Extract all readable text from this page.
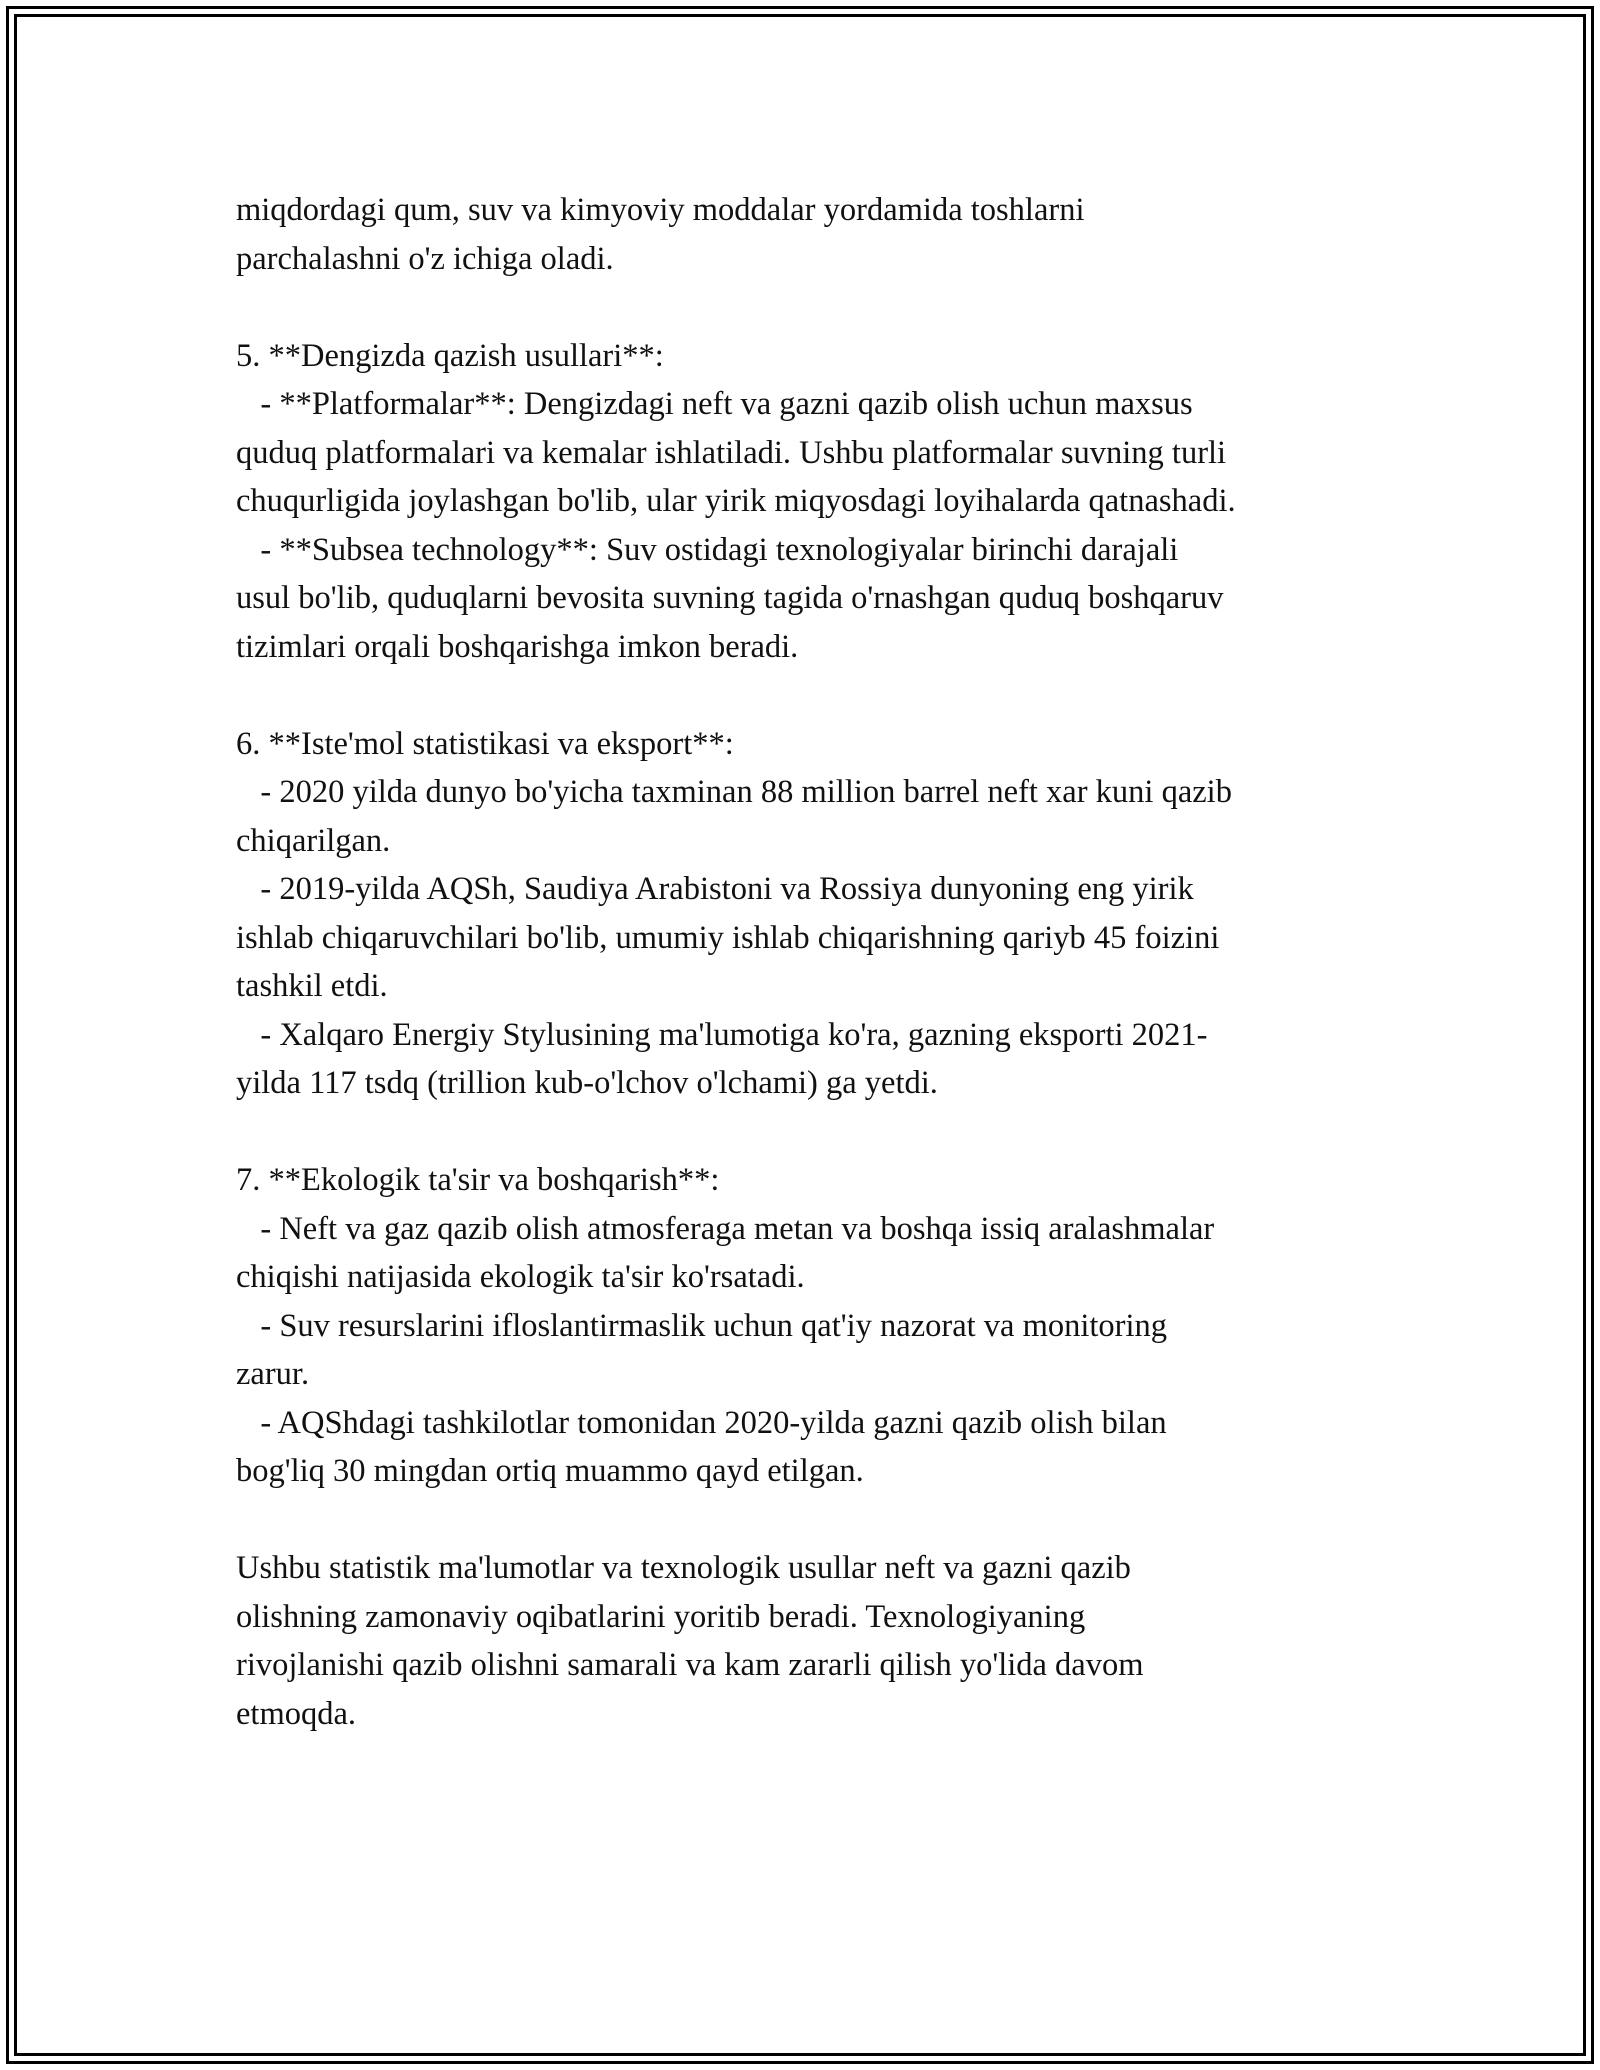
miqdordagi qum, suv va kimyoviy moddalar yordamida toshlarni

parchalashni o'z ichiga oladi.

5. **Dengizda qazish usullari**:

- **Platformalar**: Dengizdagi neft va gazni qazib olish uchun maxsus

quduq platformalari va kemalar ishlatiladi. Ushbu platformalar suvning turli

chuqurligida joylashgan bo'lib, ular yirik miqyosdagi loyihalarda qatnashadi.

- **Subsea technology**: Suv ostidagi texnologiyalar birinchi darajali

usul bo'lib, quduqlarni bevosita suvning tagida o'rnashgan quduq boshqaruv

tizimlari orqali boshqarishga imkon beradi.

6. **Iste'mol statistikasi va eksport**:

- 2020 yilda dunyo bo'yicha taxminan 88 million barrel neft xar kuni qazib

chiqarilgan.

- 2019-yilda AQSh, Saudiya Arabistoni va Rossiya dunyoning eng yirik

ishlab chiqaruvchilari bo'lib, umumiy ishlab chiqarishning qariyb 45 foizini

tashkil etdi.

- Xalqaro Energiy Stylusining ma'lumotiga ko'ra, gazning eksporti 2021-

yilda 117 tsdq (trillion kub-o'lchov o'lchami) ga yetdi.

7. **Ekologik ta'sir va boshqarish**:

- Neft va gaz qazib olish atmosferaga metan va boshqa issiq aralashmalar

chiqishi natijasida ekologik ta'sir ko'rsatadi.

- Suv resurslarini ifloslantirmaslik uchun qat'iy nazorat va monitoring

zarur.

- AQShdagi tashkilotlar tomonidan 2020-yilda gazni qazib olish bilan

bog'liq 30 mingdan ortiq muammo qayd etilgan.

Ushbu statistik ma'lumotlar va texnologik usullar neft va gazni qazib

olishning zamonaviy oqibatlarini yoritib beradi. Texnologiyaning

rivojlanishi qazib olishni samarali va kam zararli qilish yo'lida davom

etmoqda.
